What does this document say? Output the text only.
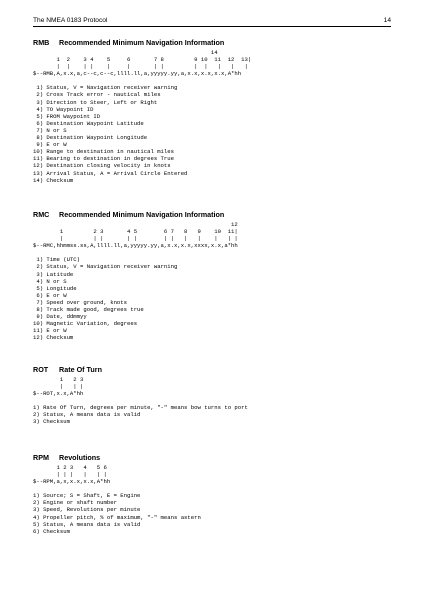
The NMEA 0183 Protocol	14
RMB Recommended Minimum Navigation Information
14
1  2    3 4    5     6       7 8         9 10  11  12  13|
|  |    | |    |     |       | |         |  |   |   |   |
$--RMB,A,x.x,a,c--c,c--c,llll.ll,a,yyyyy.yy,a,x.x,x.x,x.x,A*hh
1) Status, V = Navigation receiver warning
2) Cross Track error - nautical miles
3) Direction to Steer, Left or Right
4) TO Waypoint ID
5) FROM Waypoint ID
6) Destination Waypoint Latitude
7) N or S
8) Destination Waypoint Longitude
9) E or W
10) Range to destination in nautical miles
11) Bearing to destination in degrees True
12) Destination closing velocity in knots
13) Arrival Status, A = Arrival Circle Entered
14) Checksum
RMC Recommended Minimum Navigation Information
12
1         2 3       4 5        6 7   8   9    10  11|
|         | |       | |        | |   |   |    |   | |
$--RMC,hhmmss.ss,A,llll.ll,a,yyyyy.yy,a,x.x,x.x,xxxx,x.x,a*hh
1) Time (UTC)
2) Status, V = Navigation receiver warning
3) Latitude
4) N or S
5) Longitude
6) E or W
7) Speed over ground, knots
8) Track made good, degrees true
9) Date, ddmmyy
10) Magnetic Variation, degrees
11) E or W
12) Checksum
ROT Rate Of Turn
1   2 3
|   | |
$--ROT,x.x,A*hh
1) Rate Of Turn, degrees per minute, "-" means bow turns to port
2) Status, A means data is valid
3) Checksum
RPM Revolutions
1 2 3   4   5 6
| | |   |   | |
$--RPM,a,x,x.x,x.x,A*hh
1) Source; S = Shaft, E = Engine
2) Engine or shaft number
3) Speed, Revolutions per minute
4) Propeller pitch, % of maximum, "-" means astern
5) Status, A means data is valid
6) Checksum
